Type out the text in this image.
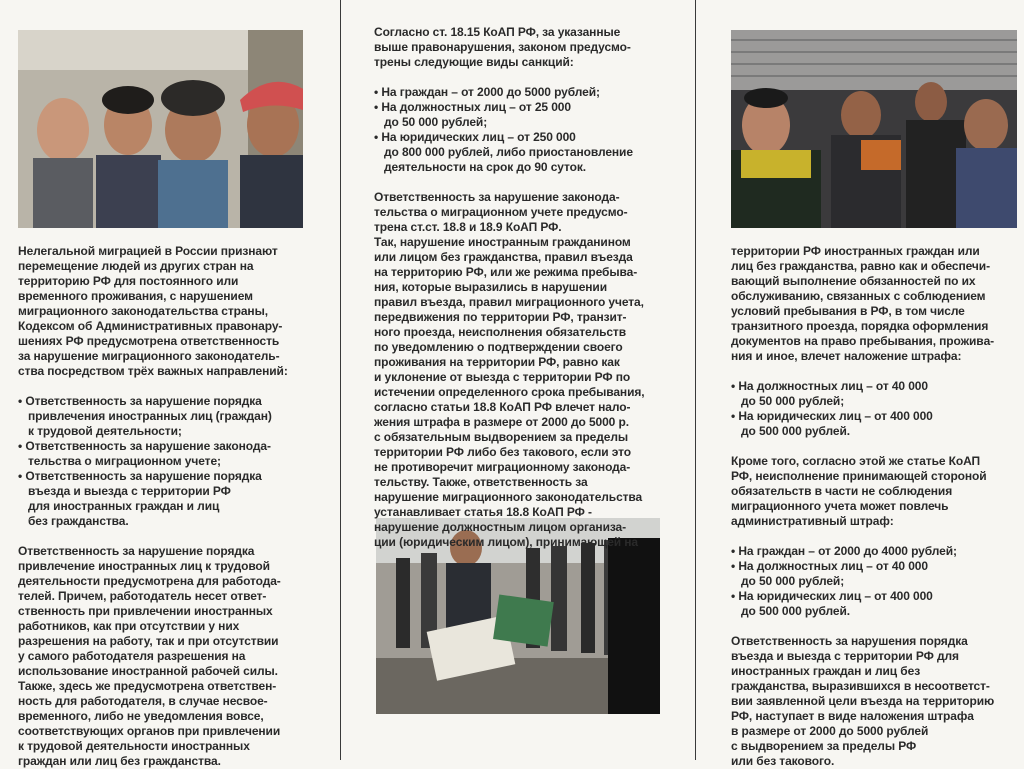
Нелегальной миграцией в России признают
перемещение людей из других стран на
территорию РФ для постоянного или
временного проживания, с нарушением
миграционного законодательства страны,
Кодексом об Административных правонару-
шениях РФ предусмотрена ответственность
за нарушение миграционного законодатель-
ства посредством трёх важных направлений:

• Ответственность за нарушение порядка
привлечения иностранных лиц (граждан)
к трудовой деятельности;
• Ответственность за нарушение законода-
тельства о миграционном учете;
• Ответственность за нарушение порядка
въезда и выезда с территории РФ
для иностранных граждан и лиц
без гражданства.

Ответственность за нарушение порядка
привлечение иностранных лиц к трудовой
деятельности предусмотрена для работода-
телей. Причем, работодатель несет ответ-
ственность при привлечении иностранных
работников, как при отсутствии у них
разрешения на работу, так и при отсутствии
у самого работодателя разрешения на
использование иностранной рабочей силы.
Также, здесь же предусмотрена ответствен-
ность для работодателя, в случае несвое-
временного, либо не уведомления вовсе,
соответствующих органов при привлечении
к трудовой деятельности иностранных
граждан или лиц без гражданства.

Согласно ст. 18.15 КоАП РФ, за указанные
выше правонарушения, законом предусмо-
трены следующие виды санкций:

• На граждан – от 2000 до 5000 рублей;
• На должностных лиц – от 25 000
до 50 000 рублей;
• На юридических лиц – от 250 000
до 800 000 рублей, либо приостановление
деятельности на срок до 90 суток.

Ответственность за нарушение законода-
тельства о миграционном учете предусмо-
трена ст.ст. 18.8 и 18.9 КоАП РФ.
Так, нарушение иностранным гражданином
или лицом без гражданства, правил въезда
на территорию РФ, или же режима пребыва-
ния, которые выразились в нарушении
правил въезда, правил миграционного учета,
передвижения по территории РФ, транзит-
ного проезда, неисполнения обязательств
по уведомлению о подтверждении своего
проживания на территории РФ, равно как
и уклонение от выезда с территории РФ по
истечении определенного срока пребывания,
согласно статьи 18.8 КоАП РФ влечет нало-
жения штрафа в размере от 2000 до 5000 р.
с обязательным выдворением за пределы
территории РФ либо без такового, если это
не противоречит миграционному законода-
тельству. Также, ответственность за
нарушение миграционного законодательства
устанавливает статья 18.8 КоАП РФ -
нарушение должностным лицом организа-
ции (юридическим лицом), принимающей на

территории РФ иностранных граждан или
лиц без гражданства, равно как и обеспечи-
вающий выполнение обязанностей по их
обслуживанию, связанных с соблюдением
условий пребывания в РФ, в том числе
транзитного проезда, порядка оформления
документов на право пребывания, проживa-
ния и иное, влечет наложение штрафа:

• На должностных лиц – от 40 000
до 50 000 рублей;
• На юридических лиц – от 400 000
до 500 000 рублей.

Кроме того, согласно этой же статье КоАП
РФ, неисполнение принимающей стороной
обязательств в части не соблюдения
миграционного учета может повлечь
административный штраф:

• На граждан – от 2000 до 4000 рублей;
• На должностных лиц – от 40 000
до 50 000 рублей;
• На юридических лиц – от 400 000
до 500 000 рублей.

Ответственность за нарушения порядка
въезда и выезда с территории РФ для
иностранных граждан и лиц без
гражданства, выразившихся в несоответст-
вии заявленной цели въезда на территорию
РФ, наступает в виде наложения штрафа
в размере от 2000 до 5000 рублей
с выдворением за пределы РФ
или без такового.
